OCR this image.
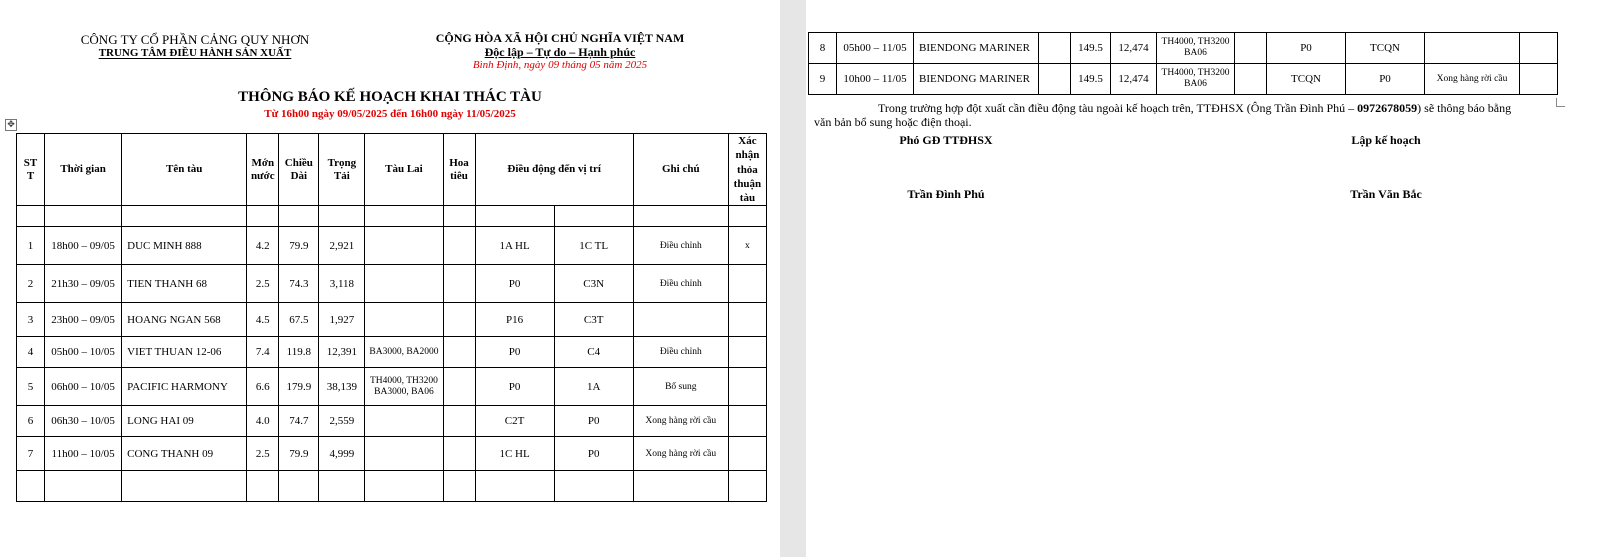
CÔNG TY CỔ PHẦN CẢNG QUY NHƠN
TRUNG TÂM ĐIỀU HÀNH SẢN XUẤT
CỘNG HÒA XÃ HỘI CHỦ NGHĨA VIỆT NAM
Độc lập – Tự do – Hạnh phúc
Bình Định, ngày 09 tháng 05 năm 2025
THÔNG BÁO KẾ HOẠCH KHAI THÁC TÀU
Từ 16h00 ngày 09/05/2025 đến 16h00 ngày 11/05/2025
✥
ST T	Thời gian	Tên tàu	Mớn nước	Chiều Dài	Trọng Tải	Tàu Lai	Hoa tiêu	Điều động đến vị trí		Ghi chú	Xác nhận thỏa thuận tàu

1	18h00 – 09/05	DUC MINH 888	4.2	79.9	2,921			1A HL	1C TL	Điều chỉnh	x
2	21h30 – 09/05	TIEN THANH 68	2.5	74.3	3,118			P0	C3N	Điều chỉnh	
3	23h00 – 09/05	HOANG NGAN 568	4.5	67.5	1,927			P16	C3T		
4	05h00 – 10/05	VIET THUAN 12-06	7.4	119.8	12,391	BA3000, BA2000		P0	C4	Điều chỉnh	
5	06h00 – 10/05	PACIFIC HARMONY	6.6	179.9	38,139	TH4000, TH3200 BA3000, BA06		P0	1A	Bổ sung	
6	06h30 – 10/05	LONG HAI 09	4.0	74.7	2,559			C2T	P0	Xong hàng rời cầu	
7	11h00 – 10/05	CONG THANH 09	2.5	79.9	4,999			1C HL	P0	Xong hàng rời cầu	

8	05h00 – 11/05	BIENDONG MARINER		149.5	12,474	TH4000, TH3200 BA06		P0	TCQN		
9	10h00 – 11/05	BIENDONG MARINER		149.5	12,474	TH4000, TH3200 BA06		TCQN	P0	Xong hàng rời cầu	
Trong trường hợp đột xuất cần điều động tàu ngoài kế hoạch trên, TTĐHSX (Ông Trần Đình Phú – 0972678059) sẽ thông báo bằng
văn bản bổ sung hoặc điện thoại.
Phó GĐ TTĐHSX	Lập kế hoạch
Trần Đình Phú	Trần Văn Bắc
